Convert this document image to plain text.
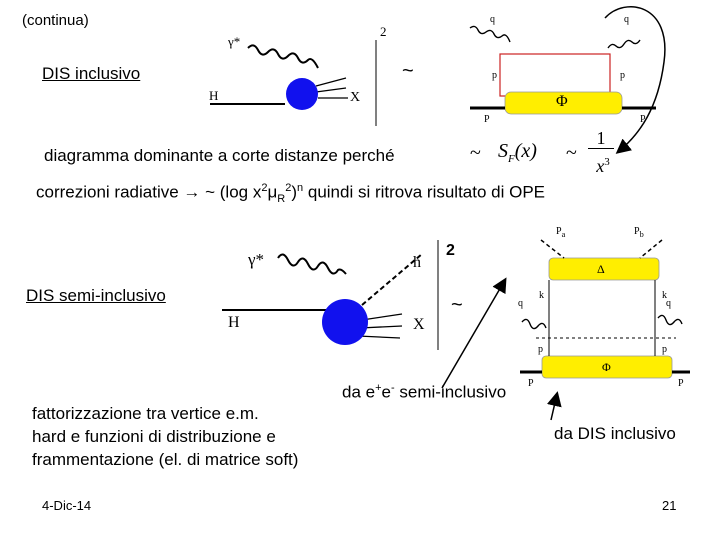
(continua)
DIS inclusivo
γ*
H	X
2
~
q	q
p	p
P	P
Φ
diagramma dominante a corte distanze perché	~ $S_F(x)$ ~
1
$x^3$
correzioni radiative → ~ (log $x^2\mu_R^2)^n$ quindi si ritrova risultato di OPE
DIS semi-inclusivo
γ*
H	X
h
2
~
$P_a$	$P_b$
Δ
q	q
k	k
p	p
P	P
Φ
da e+e- semi-inclusivo
da DIS inclusivo
fattorizzazione tra vertice e.m.
hard e funzioni di distribuzione e
frammentazione (el. di matrice soft)
4-Dic-14	21
